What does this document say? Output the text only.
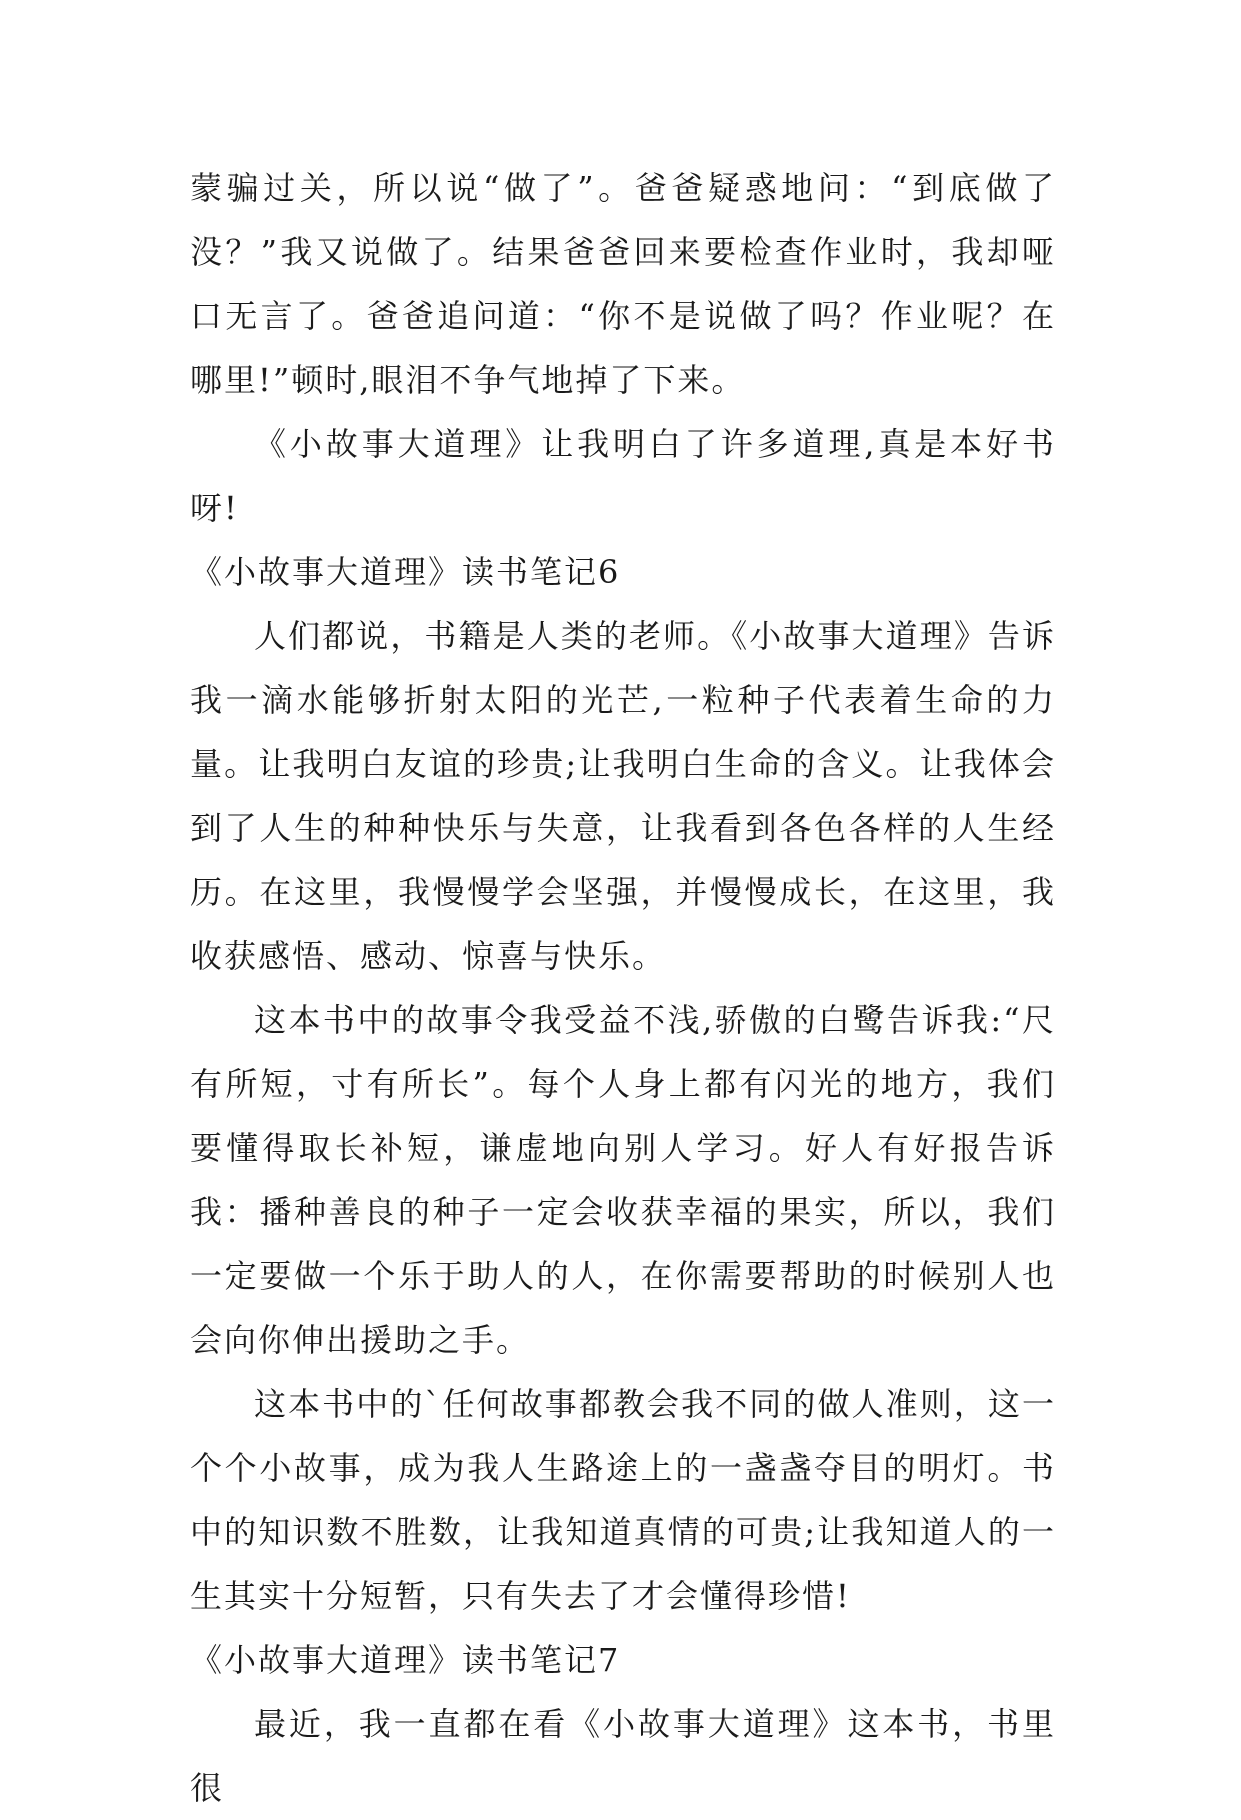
蒙骗过关，所以说“做了”。爸爸疑惑地问：“到底做了没？”我又说做了。结果爸爸回来要检查作业时，我却哑口无言了。爸爸追问道：“你不是说做了吗？作业呢？在哪里!”顿时,眼泪不争气地掉了下来。

《小故事大道理》让我明白了许多道理,真是本好书呀!

《小故事大道理》读书笔记6

人们都说，书籍是人类的老师。《小故事大道理》告诉我一滴水能够折射太阳的光芒,一粒种子代表着生命的力量。让我明白友谊的珍贵;让我明白生命的含义。让我体会到了人生的种种快乐与失意，让我看到各色各样的人生经历。在这里，我慢慢学会坚强，并慢慢成长，在这里，我收获感悟、感动、惊喜与快乐。

这本书中的故事令我受益不浅,骄傲的白鹭告诉我:“尺有所短，寸有所长”。每个人身上都有闪光的地方，我们要懂得取长补短，谦虚地向别人学习。好人有好报告诉我：播种善良的种子一定会收获幸福的果实，所以，我们一定要做一个乐于助人的人，在你需要帮助的时候别人也会向你伸出援助之手。

这本书中的`任何故事都教会我不同的做人准则，这一个个小故事，成为我人生路途上的一盏盏夺目的明灯。书中的知识数不胜数，让我知道真情的可贵;让我知道人的一生其实十分短暂，只有失去了才会懂得珍惜!

《小故事大道理》读书笔记7

最近，我一直都在看《小故事大道理》这本书，书里很
